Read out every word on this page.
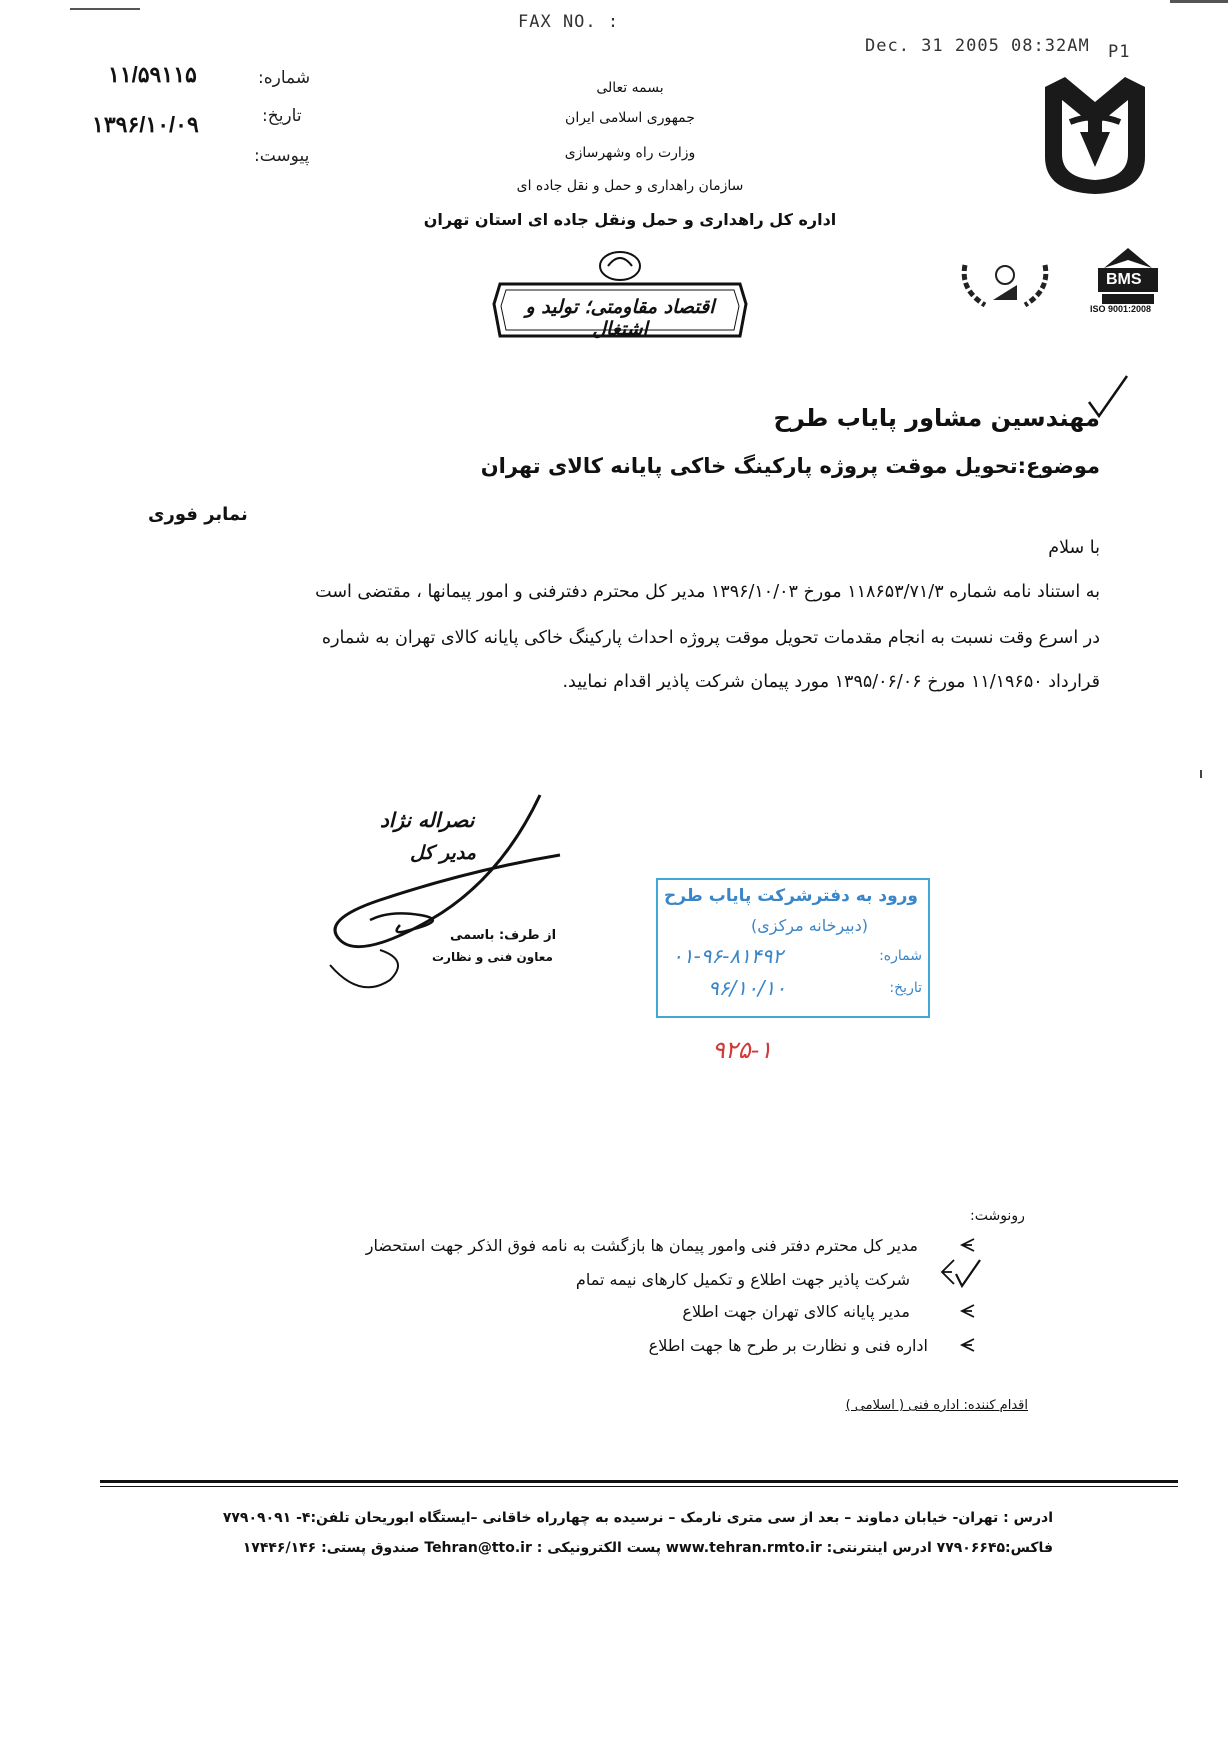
FAX NO. :
Dec. 31 2005 08:32AM P1
شماره:
۱۱/۵۹۱۱۵
تاریخ:
۱۳۹۶/۱۰/۰۹
پیوست:
بسمه تعالی
جمهوری اسلامی ایران
وزارت راه وشهرسازی
سازمان راهداری و حمل و نقل جاده ای
اداره کل راهداری و حمل ونقل جاده ای استان تهران
BMS
ISO 9001:2008
اقتصاد مقاومتی؛ تولید و اشتغال
مهندسین مشاور پایاب طرح
موضوع:تحویل موقت پروژه پارکینگ خاکی پایانه کالای تهران
نمابر فوری
با سلام
به استناد نامه شماره ۱۱۸۶۵۳/۷۱/۳ مورخ ۱۳۹۶/۱۰/۰۳ مدیر کل محترم دفترفنی و امور پیمانها ، مقتضی است
در اسرع وقت نسبت به انجام مقدمات تحویل موقت پروژه احداث پارکینگ خاکی پایانه کالای تهران به شماره
قرارداد ۱۱/۱۹۶۵۰ مورخ ۱۳۹۵/۰۶/۰۶ مورد پیمان شرکت پاذیر اقدام نمایید.
نصراله نژاد
مدیر کل
از طرف: باسمی
معاون فنی و نظارت
ورود به دفترشرکت پایاب طرح
(دبیرخانه مرکزی)
شماره:
۰۱-۹۶-۸۱۴۹۲
تاریخ:
۹۶/۱۰/۱۰
۹۲۵-۱
رونوشت:
مدیر کل محترم دفتر فنی وامور پیمان ها بازگشت به نامه فوق الذکر جهت استحضار
شرکت پاذیر جهت اطلاع و تکمیل کارهای نیمه تمام
مدیر پایانه کالای تهران جهت اطلاع
اداره فنی و نظارت بر طرح ها جهت اطلاع
اقدام کننده: اداره فنی ( اسلامی )
ادرس : تهران- خیابان دماوند – بعد از سی متری نارمک – نرسیده به چهارراه خاقانی –ایستگاه ابوریحان تلفن:۴- ۷۷۹۰۹۰۹۱
فاکس:۷۷۹۰۶۶۴۵ ادرس اینترنتی: www.tehran.rmto.ir پست الکترونیکی : Tehran@tto.ir صندوق پستی: ۱۷۴۴۶/۱۴۶
